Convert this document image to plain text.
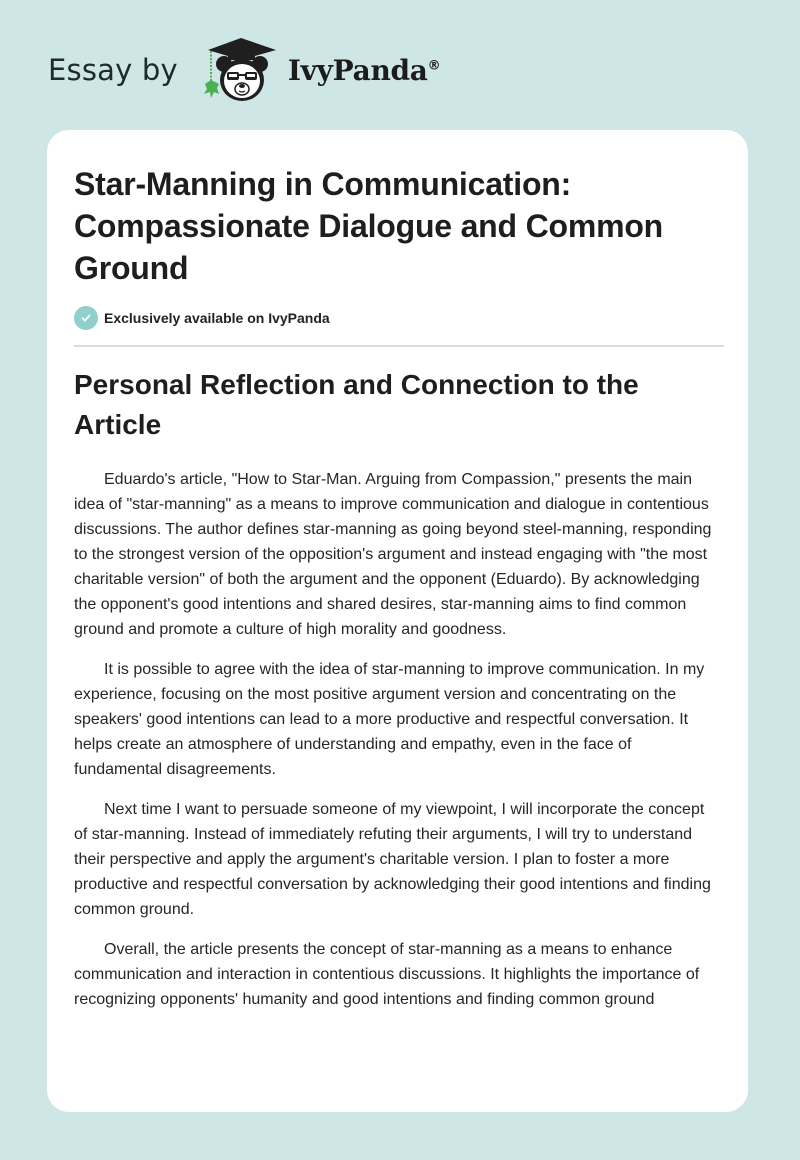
Essay by	IvyPanda®
Star-Manning in Communication: Compassionate Dialogue and Common Ground
Exclusively available on IvyPanda
Personal Reflection and Connection to the Article

Eduardo's article, "How to Star-Man. Arguing from Compassion," presents the main idea of "star-manning" as a means to improve communication and dialogue in contentious discussions. The author defines star-manning as going beyond steel-manning, responding to the strongest version of the opposition's argument and instead engaging with "the most charitable version" of both the argument and the opponent (Eduardo). By acknowledging the opponent's good intentions and shared desires, star-manning aims to find common ground and promote a culture of high morality and goodness.

It is possible to agree with the idea of star-manning to improve communication. In my experience, focusing on the most positive argument version and concentrating on the speakers' good intentions can lead to a more productive and respectful conversation. It helps create an atmosphere of understanding and empathy, even in the face of fundamental disagreements.

Next time I want to persuade someone of my viewpoint, I will incorporate the concept of star-manning. Instead of immediately refuting their arguments, I will try to understand their perspective and apply the argument's charitable version. I plan to foster a more productive and respectful conversation by acknowledging their good intentions and finding common ground.

Overall, the article presents the concept of star-manning as a means to enhance communication and interaction in contentious discussions. It highlights the importance of recognizing opponents' humanity and good intentions and finding common ground
